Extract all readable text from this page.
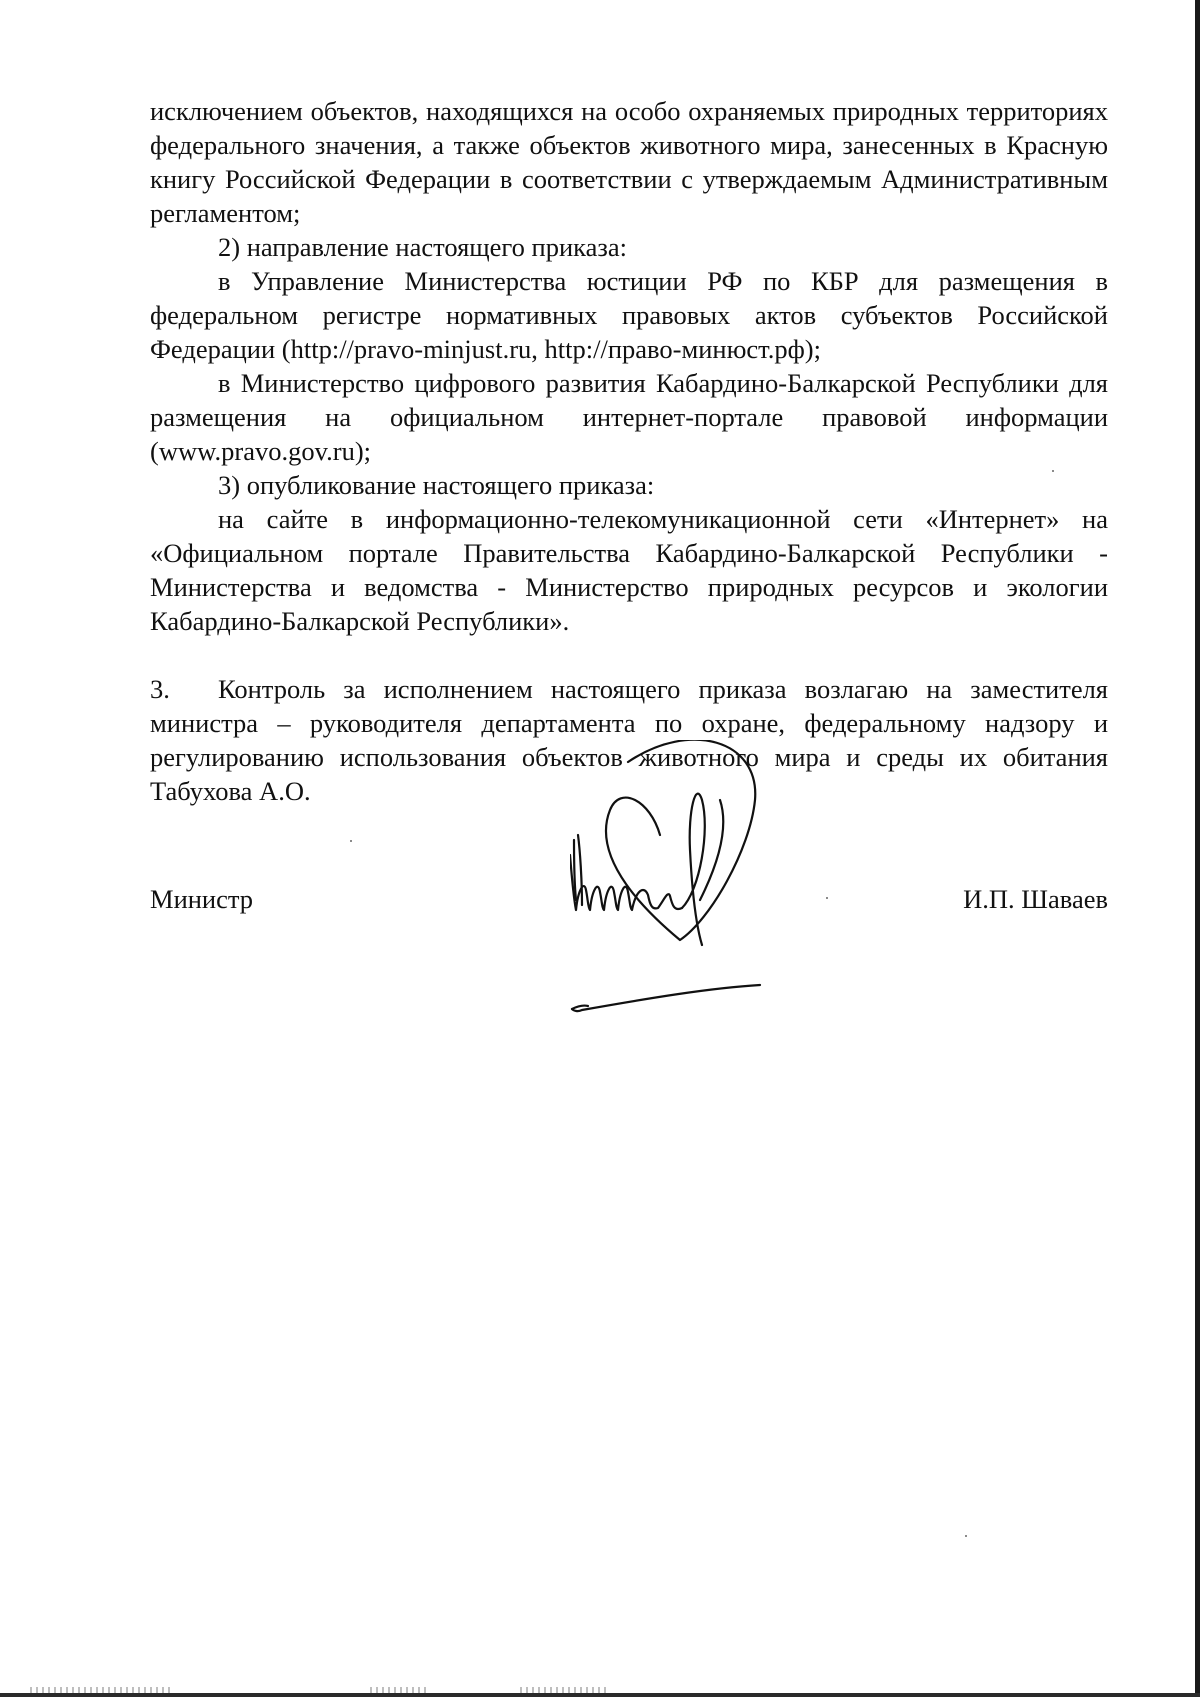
исключением объектов, находящихся на особо охраняемых природных территориях федерального значения, а также объектов животного мира, занесенных в Красную книгу Российской Федерации в соответствии с утверждаемым Административным регламентом;

2) направление настоящего приказа:

в Управление Министерства юстиции РФ по КБР для размещения в федеральном регистре нормативных правовых актов субъектов Российской Федерации (http://pravo-minjust.ru, http://право-минюст.рф);

в Министерство цифрового развития Кабардино-Балкарской Республики для размещения на официальном интернет-портале правовой информации (www.pravo.gov.ru);

3) опубликование настоящего приказа:

на сайте в информационно-телекомуникационной сети «Интернет» на «Официальном портале Правительства Кабардино-Балкарской Республики - Министерства и ведомства - Министерство природных ресурсов и экологии Кабардино-Балкарской Республики».

3. Контроль за исполнением настоящего приказа возлагаю на заместителя министра – руководителя департамента по охране, федеральному надзору и регулированию использования объектов животного мира и среды их обитания Табухова А.О.

Министр	И.П. Шаваев
